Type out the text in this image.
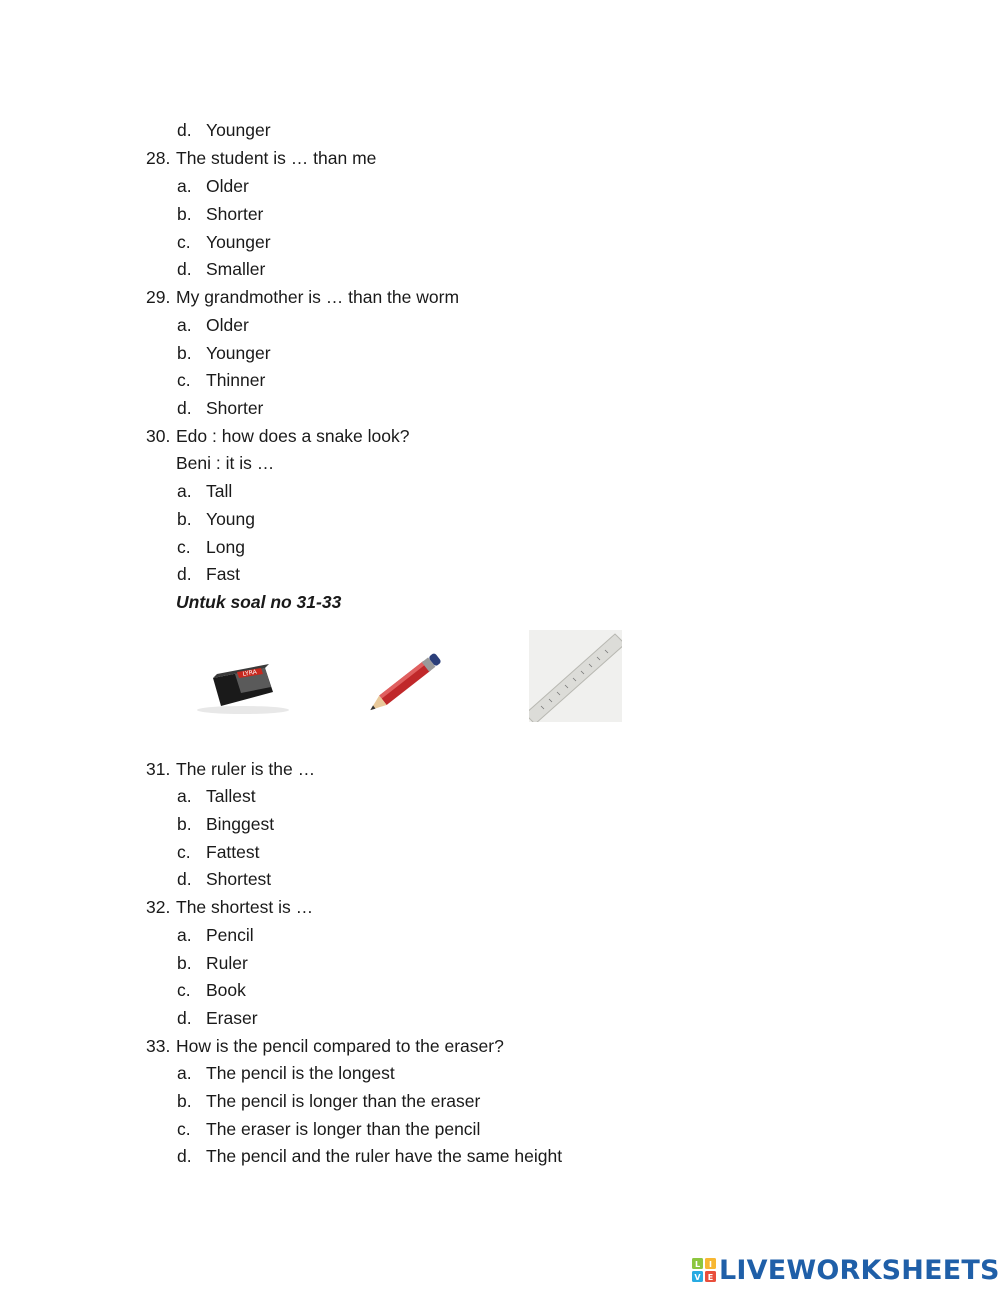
d. Younger
28. The student is … than me
a. Older
b. Shorter
c. Younger
d. Smaller
29. My grandmother is … than the worm
a. Older
b. Younger
c. Thinner
d. Shorter
30. Edo : how does a snake look?
Beni : it is …
a. Tall
b. Young
c. Long
d. Fast
Untuk soal no 31-33
LYRA
31. The ruler is the …
a. Tallest
b. Binggest
c. Fattest
d. Shortest
32. The shortest is …
a. Pencil
b. Ruler
c. Book
d. Eraser
33. How is the pencil compared to the eraser?
a. The pencil is the longest
b. The pencil is longer than the eraser
c. The eraser is longer than the pencil
d. The pencil and the ruler have the same height
L I
V E LIVEWORKSHEETS
